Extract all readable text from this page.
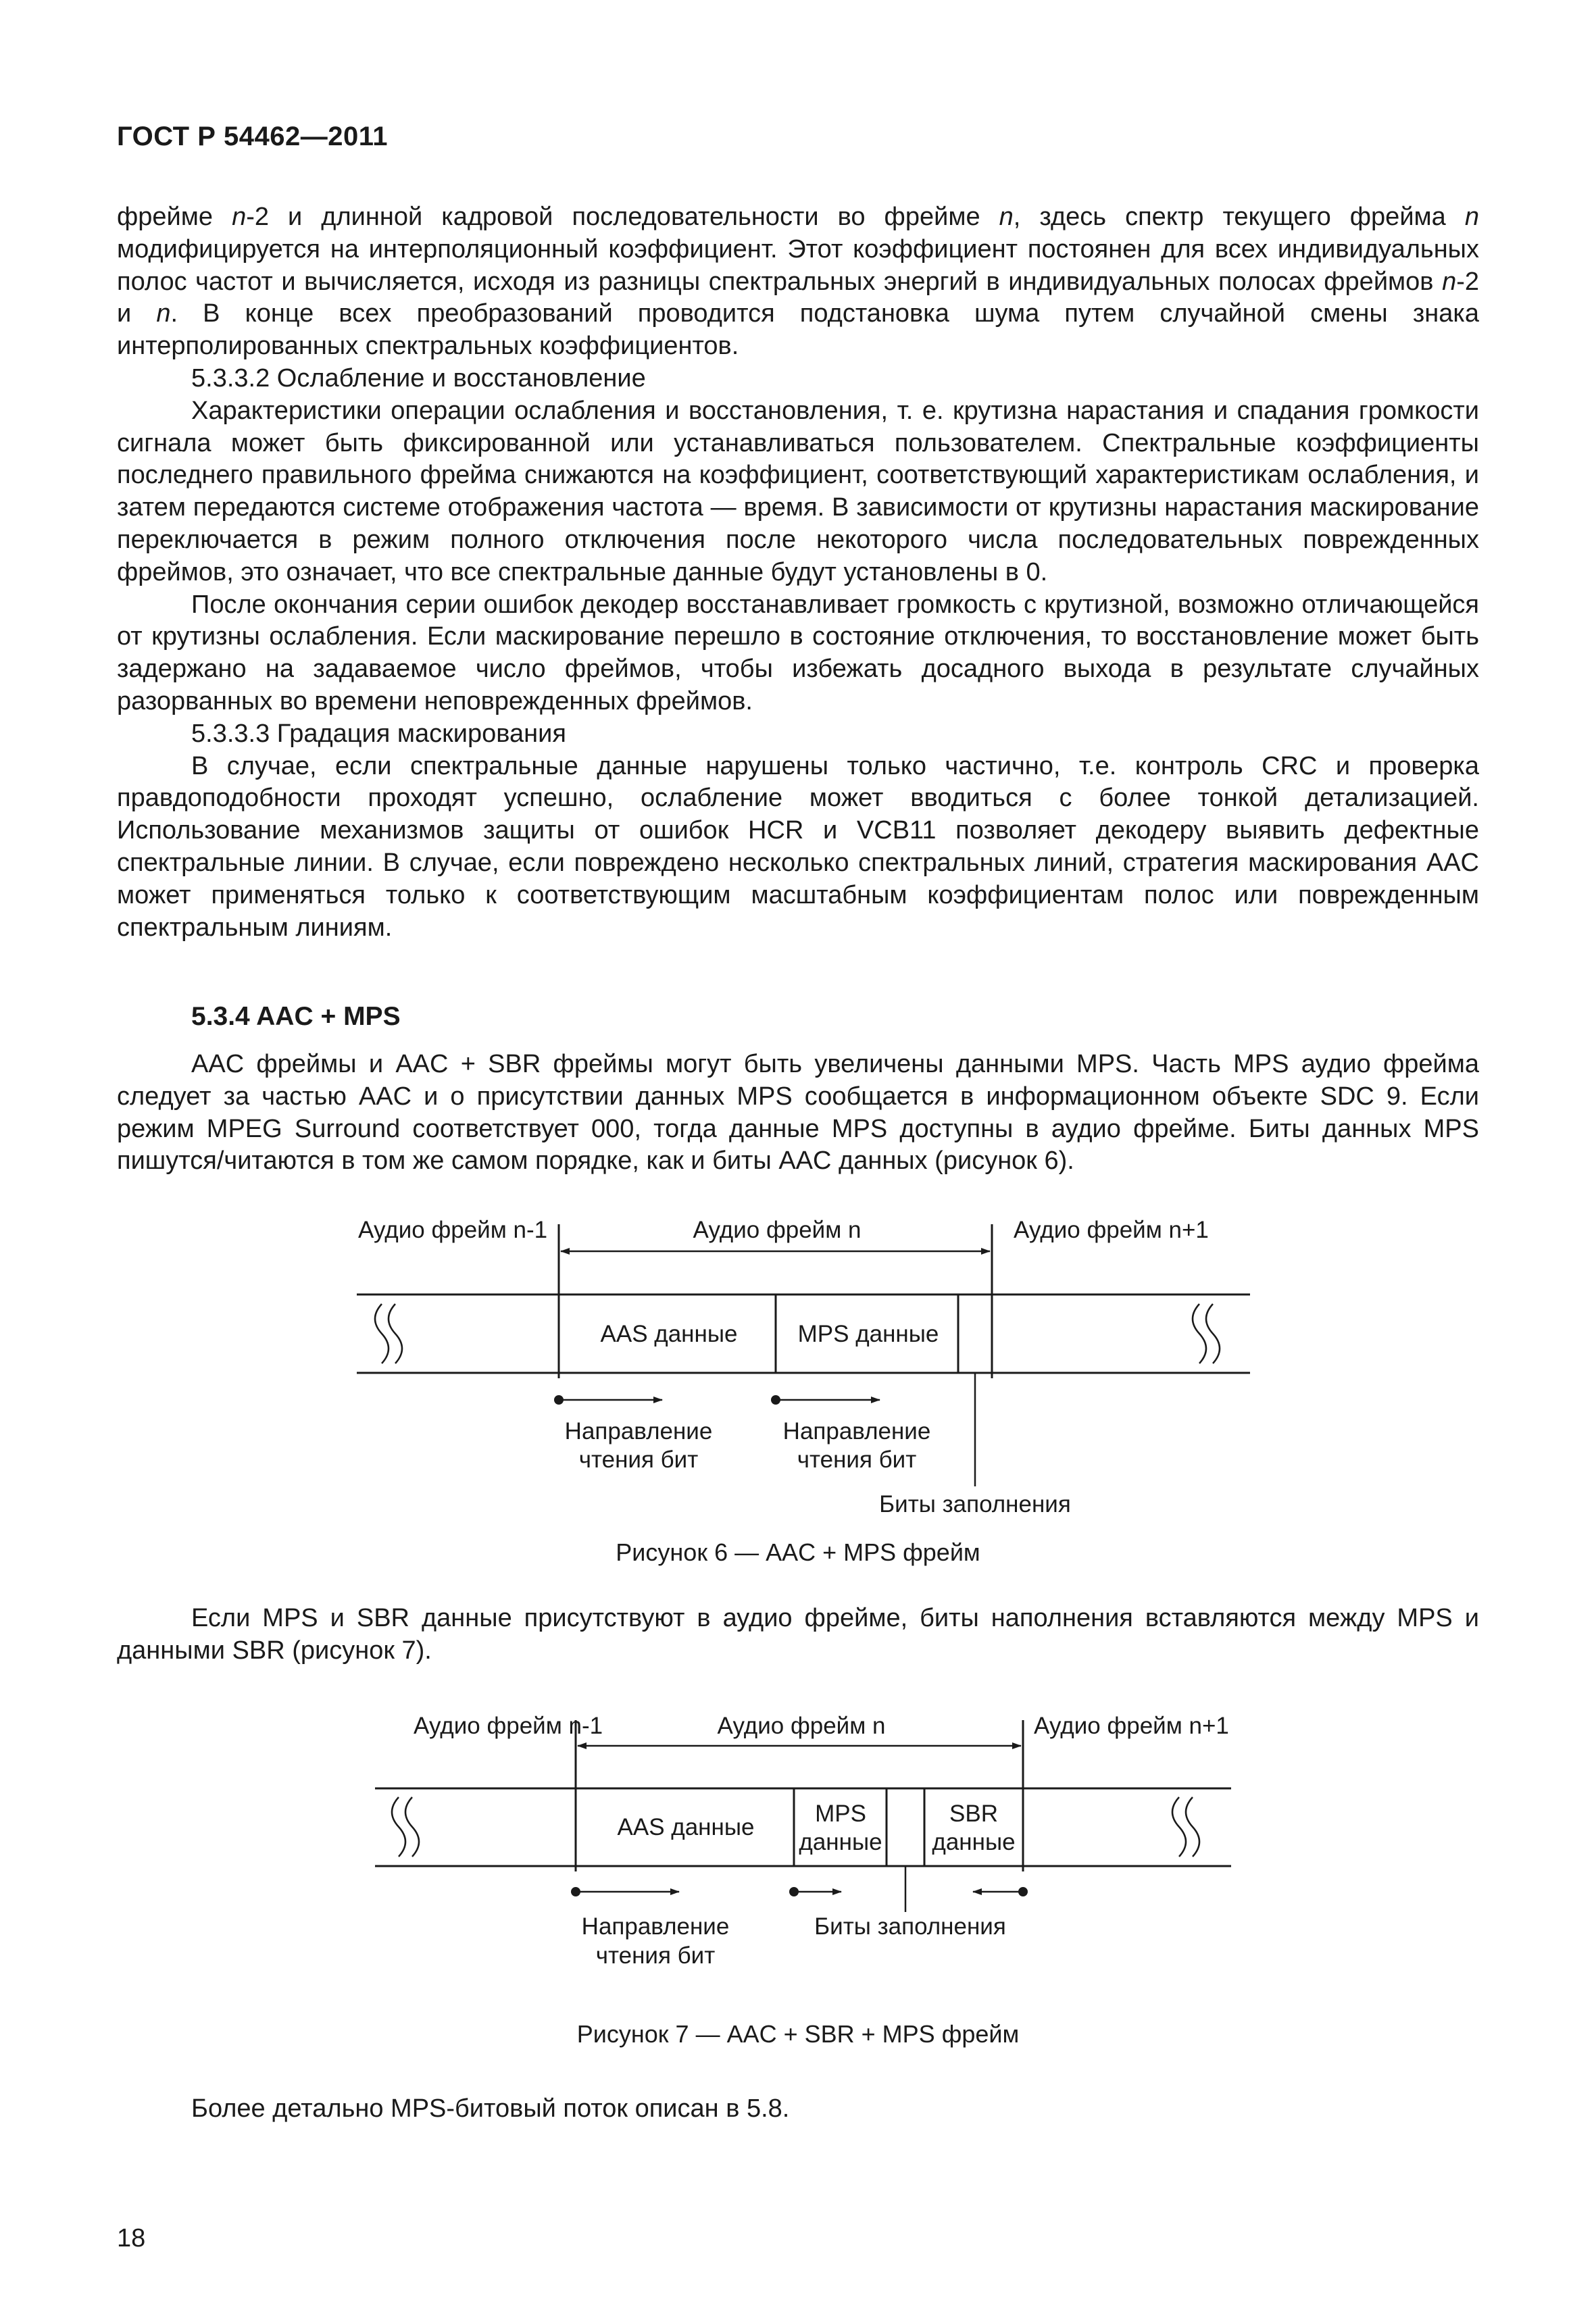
ГОСТ Р 54462—2011

фрейме n-2 и длинной кадровой последовательности во фрейме n, здесь спектр текущего фрейма n модифицируется на интерполяционный коэффициент. Этот коэффициент постоянен для всех индивидуальных полос частот и вычисляется, исходя из разницы спектральных энергий в индивидуальных полосах фреймов n-2 и n. В конце всех преобразований проводится подстановка шума путем случайной смены знака интерполированных спектральных коэффициентов.

5.3.3.2 Ослабление и восстановление

Характеристики операции ослабления и восстановления, т. е. крутизна нарастания и спадания громкости сигнала может быть фиксированной или устанавливаться пользователем. Спектральные коэффициенты последнего правильного фрейма снижаются на коэффициент, соответствующий характеристикам ослабления, и затем передаются системе отображения частота — время. В зависимости от крутизны нарастания маскирование переключается в режим полного отключения после некоторого числа последовательных поврежденных фреймов, это означает, что все спектральные данные будут установлены в 0.

После окончания серии ошибок декодер восстанавливает громкость с крутизной, возможно отличающейся от крутизны ослабления. Если маскирование перешло в состояние отключения, то восстановление может быть задержано на задаваемое число фреймов, чтобы избежать досадного выхода в результате случайных разорванных во времени неповрежденных фреймов.

5.3.3.3 Градация маскирования

В случае, если спектральные данные нарушены только частично, т.е. контроль CRC и проверка правдоподобности проходят успешно, ослабление может вводиться с более тонкой детализацией. Использование механизмов защиты от ошибок HCR и VCB11 позволяет декодеру выявить дефектные спектральные линии. В случае, если повреждено несколько спектральных линий, стратегия маскирования AAC может применяться только к соответствующим масштабным коэффициентам полос или поврежденным спектральным линиям.

5.3.4 AAC + MPS

AAC фреймы и AAC + SBR фреймы могут быть увеличены данными MPS. Часть MPS аудио фрейма следует за частью AAC и о присутствии данных MPS сообщается в информационном объекте SDC 9. Если режим MPEG Surround соответствует 000, тогда данные MPS доступны в аудио фрейме. Биты данных MPS пишутся/читаются в том же самом порядке, как и биты AAC данных (рисунок 6).

Аудио фрейм n-1	Аудио фрейм n	Аудио фрейм n+1
AAS данные	MPS данные
Направление
чтения бит
Направление
чтения бит
Биты заполнения
Рисунок 6 — AAC + MPS фрейм

Если MPS и SBR данные присутствуют в аудио фрейме, биты наполнения вставляются между MPS и данными SBR (рисунок 7).

Аудио фрейм n-1	Аудио фрейм n	Аудио фрейм n+1
AAS данные
MPS
данные
SBR
данные
Направление
чтения бит
Биты заполнения
Рисунок 7 — AAC + SBR + MPS фрейм

Более детально MPS-битовый поток описан в 5.8.

18
